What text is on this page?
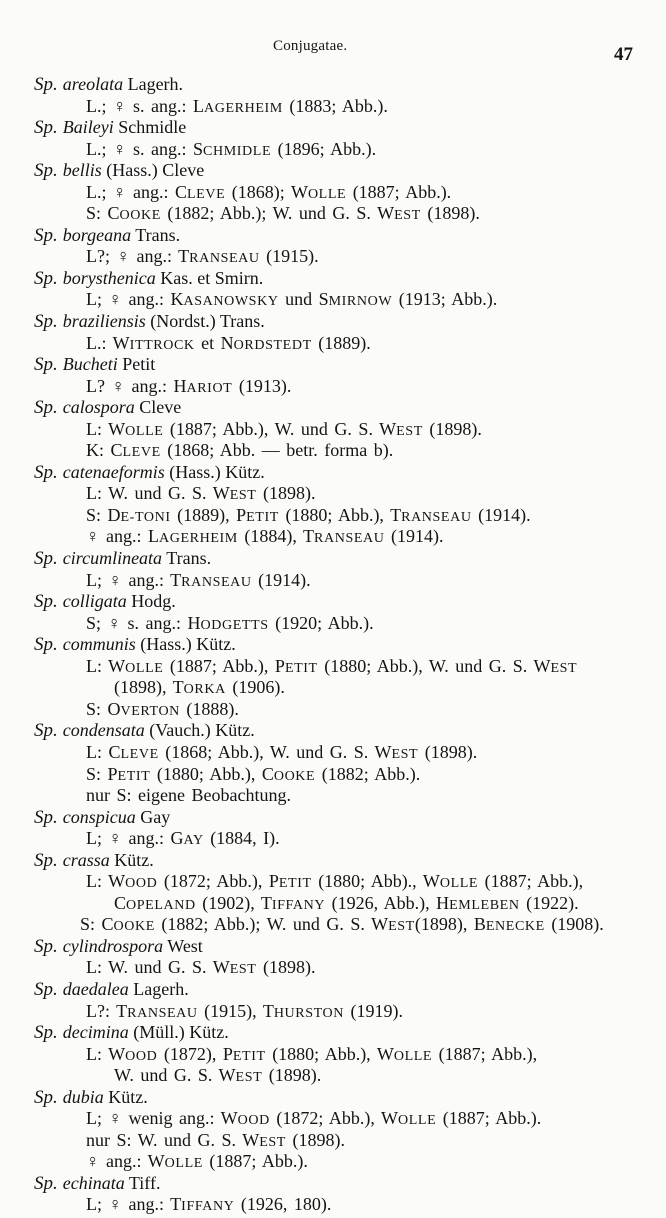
Conjugatae.	47
Sp. areolata Lagerh.
L.; ♀ s. ang.: LAGERHEIM (1883; Abb.).
Sp. Baileyi Schmidle
L.; ♀ s. ang.: SCHMIDLE (1896; Abb.).
Sp. bellis (Hass.) Cleve
L.; ♀ ang.: CLEVE (1868); WOLLE (1887; Abb.).
S: COOKE (1882; Abb.); W. und G. S. WEST (1898).
Sp. borgeana Trans.
L?; ♀ ang.: TRANSEAU (1915).
Sp. borysthenica Kas. et Smirn.
L; ♀ ang.: KASANOWSKY und SMIRNOW (1913; Abb.).
Sp. braziliensis (Nordst.) Trans.
L.: WITTROCK et NORDSTEDT (1889).
Sp. Bucheti Petit
L? ♀ ang.: HARIOT (1913).
Sp. calospora Cleve
L: WOLLE (1887; Abb.), W. und G. S. WEST (1898).
K: CLEVE (1868; Abb. — betr. forma b).
Sp. catenaeformis (Hass.) Kütz.
L: W. und G. S. WEST (1898).
S: DE-TONI (1889), PETIT (1880; Abb.), TRANSEAU (1914).
♀ ang.: LAGERHEIM (1884), TRANSEAU (1914).
Sp. circumlineata Trans.
L; ♀ ang.: TRANSEAU (1914).
Sp. colligata Hodg.
S; ♀ s. ang.: HODGETTS (1920; Abb.).
Sp. communis (Hass.) Kütz.
L: WOLLE (1887; Abb.), PETIT (1880; Abb.), W. und G. S. WEST
(1898), TORKA (1906).
S: OVERTON (1888).
Sp. condensata (Vauch.) Kütz.
L: CLEVE (1868; Abb.), W. und G. S. WEST (1898).
S: PETIT (1880; Abb.), COOKE (1882; Abb.).
nur S: eigene Beobachtung.
Sp. conspicua Gay
L; ♀ ang.: GAY (1884, I).
Sp. crassa Kütz.
L: WOOD (1872; Abb.), PETIT (1880; Abb)., WOLLE (1887; Abb.),
COPELAND (1902), TIFFANY (1926, Abb.), HEMLEBEN (1922).
S: COOKE (1882; Abb.); W. und G. S. WEST(1898), BENECKE (1908).
Sp. cylindrospora West
L: W. und G. S. WEST (1898).
Sp. daedalea Lagerh.
L?: TRANSEAU (1915), THURSTON (1919).
Sp. decimina (Müll.) Kütz.
L: WOOD (1872), PETIT (1880; Abb.), WOLLE (1887; Abb.),
W. und G. S. WEST (1898).
Sp. dubia Kütz.
L; ♀ wenig ang.: WOOD (1872; Abb.), WOLLE (1887; Abb.).
nur S: W. und G. S. WEST (1898).
♀ ang.: WOLLE (1887; Abb.).
Sp. echinata Tiff.
L; ♀ ang.: TIFFANY (1926, 180).
